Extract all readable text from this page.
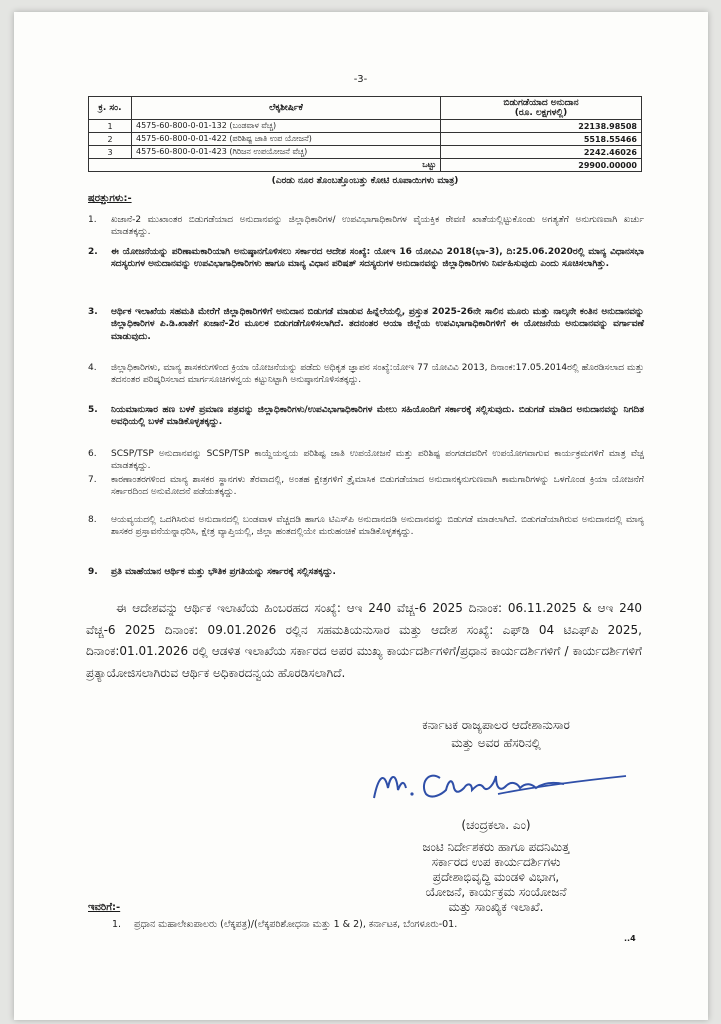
-3-
ಕ್ರ. ಸಂ.	ಲೆಕ್ಕಶೀರ್ಷಿಕೆ	ಬಿಡುಗಡೆಯಾದ ಅನುದಾನ
(ರೂ. ಲಕ್ಷಗಳಲ್ಲಿ)
1	4575-60-800-0-01-132 (ಬಂಡವಾಳ ವೆಚ್ಚ)	22138.98508
2	4575-60-800-0-01-422 (ಪರಿಶಿಷ್ಟ ಜಾತಿ ಉಪ ಯೋಜನೆ)	5518.55466
3	4575-60-800-0-01-423 (ಗಿರಿಜನ ಉಪಯೋಜನೆ ವೆಚ್ಚ)	2242.46026
ಒಟ್ಟು		29900.00000
(ಎರಡು ನೂರ ತೊಂಬತ್ತೊಂಬತ್ತು ಕೋಟಿ ರೂಪಾಯಿಗಳು ಮಾತ್ರ)
ಷರತ್ತುಗಳು:-
1. ಖಜಾನೆ-2 ಮುಖಾಂತರ ಬಿಡುಗಡೆಯಾದ ಅನುದಾನವನ್ನು ಜಿಲ್ಲಾಧಿಕಾರಿಗಳ/ ಉಪವಿಭಾಗಾಧಿಕಾರಿಗಳ ವೈಯಕ್ತಿಕ ಠೇವಣಿ ಖಾತೆಯಲ್ಲಿಟ್ಟುಕೊಂಡು ಅಗತ್ಯತೆಗೆ ಅನುಗುಣವಾಗಿ ಖರ್ಚು ಮಾಡತಕ್ಕದ್ದು.
2. ಈ ಯೋಜನೆಯನ್ನು ಪರಿಣಾಮಕಾರಿಯಾಗಿ ಅನುಷ್ಠಾನಗೊಳಿಸಲು ಸರ್ಕಾರದ ಆದೇಶ ಸಂಖ್ಯೆ: ಯೋಇ 16 ಯೋವಿವಿ 2018(ಭಾ-3), ದಿ:25.06.2020ರಲ್ಲಿ ಮಾನ್ಯ ವಿಧಾನಸಭಾ ಸದಸ್ಯರುಗಳ ಅನುದಾನವನ್ನು ಉಪವಿಭಾಗಾಧಿಕಾರಿಗಳು ಹಾಗೂ ಮಾನ್ಯ ವಿಧಾನ ಪರಿಷತ್ ಸದಸ್ಯರುಗಳ ಅನುದಾನವನ್ನು ಜಿಲ್ಲಾಧಿಕಾರಿಗಳು ನಿರ್ವಹಿಸುವುದು ಎಂದು ಸೂಚಿಸಲಾಗಿತ್ತು.
3. ಆರ್ಥಿಕ ಇಲಾಖೆಯ ಸಹಮತಿ ಮೇರೆಗೆ ಜಿಲ್ಲಾಧಿಕಾರಿಗಳಿಗೆ ಅನುದಾನ ಬಿಡುಗಡೆ ಮಾಡುವ ಹಿನ್ನೆಲೆಯಲ್ಲಿ, ಪ್ರಸ್ತುತ 2025-26ನೇ ಸಾಲಿನ ಮೂರು ಮತ್ತು ನಾಲ್ಕನೇ ಕಂತಿನ ಅನುದಾನವನ್ನು ಜಿಲ್ಲಾಧಿಕಾರಿಗಳ ಪಿ.ಡಿ.ಖಾತೆಗೆ ಖಜಾನೆ-2ರ ಮೂಲಕ ಬಿಡುಗಡೆಗೊಳಿಸಲಾಗಿದೆ. ತದನಂತರ ಆಯಾ ಜಿಲ್ಲೆಯ ಉಪವಿಭಾಗಾಧಿಕಾರಿಗಳಿಗೆ ಈ ಯೋಜನೆಯ ಅನುದಾನವನ್ನು ವರ್ಗಾವಣೆ ಮಾಡುವುದು.
4. ಜಿಲ್ಲಾಧಿಕಾರಿಗಳು, ಮಾನ್ಯ ಶಾಸಕರುಗಳಿಂದ ಕ್ರಿಯಾ ಯೋಜನೆಯನ್ನು ಪಡೆದು ಅಧಿಕೃತ ಜ್ಞಾಪನ ಸಂಖ್ಯೆ:ಯೋಇ 77 ಯೋವಿವಿ 2013, ದಿನಾಂಕ:17.05.2014ರಲ್ಲಿ ಹೊರಡಿಸಲಾದ ಮತ್ತು ತದನಂತರ ಪರಿಷ್ಕರಿಸಲಾದ ಮಾರ್ಗಸೂಚಿಗಳನ್ವಯ ಕಟ್ಟುನಿಟ್ಟಾಗಿ ಅನುಷ್ಠಾನಗೊಳಿಸತಕ್ಕದ್ದು.
5. ನಿಯಮಾನುಸಾರ ಹಣ ಬಳಕೆ ಪ್ರಮಾಣ ಪತ್ರವನ್ನು ಜಿಲ್ಲಾಧಿಕಾರಿಗಳು/ಉಪವಿಭಾಗಾಧಿಕಾರಿಗಳ ಮೇಲು ಸಹಿಯೊಂದಿಗೆ ಸರ್ಕಾರಕ್ಕೆ ಸಲ್ಲಿಸುವುದು. ಬಿಡುಗಡೆ ಮಾಡಿದ ಅನುದಾನವನ್ನು ನಿಗದಿತ ಅವಧಿಯಲ್ಲಿ ಬಳಕೆ ಮಾಡಿಕೊಳ್ಳತಕ್ಕದ್ದು.
6. SCSP/TSP ಅನುದಾನವನ್ನು SCSP/TSP ಕಾಯ್ದೆಯನ್ವಯ ಪರಿಶಿಷ್ಟ ಜಾತಿ ಉಪಯೋಜನೆ ಮತ್ತು ಪರಿಶಿಷ್ಟ ಪಂಗಡದವರಿಗೆ ಉಪಯೋಗವಾಗುವ ಕಾರ್ಯಕ್ರಮಗಳಿಗೆ ಮಾತ್ರ ವೆಚ್ಚ ಮಾಡತಕ್ಕದ್ದು.
7. ಕಾರಣಾಂತರಗಳಿಂದ ಮಾನ್ಯ ಶಾಸಕರ ಸ್ಥಾನಗಳು ತೆರವಾದಲ್ಲಿ, ಅಂತಹ ಕ್ಷೇತ್ರಗಳಿಗೆ ತ್ರೈಮಾಸಿಕ ಬಿಡುಗಡೆಯಾದ ಅನುದಾನಕ್ಕನುಗುಣವಾಗಿ ಕಾಮಗಾರಿಗಳನ್ನು ಒಳಗೊಂಡ ಕ್ರಿಯಾ ಯೋಜನೆಗೆ ಸರ್ಕಾರದಿಂದ ಅನುಮೋದನೆ ಪಡೆಯತಕ್ಕದ್ದು.
8. ಆಯವ್ಯಯದಲ್ಲಿ ಒದಗಿಸಿರುವ ಅನುದಾನದಲ್ಲಿ ಬಂಡವಾಳ ವೆಚ್ಚದಡಿ ಹಾಗೂ ಟಿಎಸ್‌ಪಿ ಅನುದಾನದಡಿ ಅನುದಾನವನ್ನು ಬಿಡುಗಡೆ ಮಾಡಲಾಗಿದೆ. ಬಿಡುಗಡೆಯಾಗಿರುವ ಅನುದಾನದಲ್ಲಿ ಮಾನ್ಯ ಶಾಸಕರ ಪ್ರಸ್ತಾವನೆಯನ್ನಾಧರಿಸಿ, ಕ್ಷೇತ್ರ ವ್ಯಾಪ್ತಿಯಲ್ಲಿ, ಜಿಲ್ಲಾ ಹಂತದಲ್ಲಿಯೇ ಮರುಹಂಚಿಕೆ ಮಾಡಿಕೊಳ್ಳತಕ್ಕದ್ದು.
9. ಪ್ರತಿ ಮಾಹೆಯಾನ ಆರ್ಥಿಕ ಮತ್ತು ಭೌತಿಕ ಪ್ರಗತಿಯನ್ನು ಸರ್ಕಾರಕ್ಕೆ ಸಲ್ಲಿಸತಕ್ಕದ್ದು.
ಈ ಆದೇಶವನ್ನು ಆರ್ಥಿಕ ಇಲಾಖೆಯ ಹಿಂಬರಹದ ಸಂಖ್ಯೆ: ಆಇ 240 ವೆಚ್ಚ-6 2025 ದಿನಾಂಕ: 06.11.2025 & ಆಇ 240 ವೆಚ್ಚ-6 2025 ದಿನಾಂಕ: 09.01.2026 ರಲ್ಲಿನ ಸಹಮತಿಯನುಸಾರ ಮತ್ತು ಆದೇಶ ಸಂಖ್ಯೆ: ಎಫ್‌ಡಿ 04 ಟಿಎಫ್‌ಪಿ 2025, ದಿನಾಂಕ:01.01.2026 ರಲ್ಲಿ ಆಡಳಿತ ಇಲಾಖೆಯ ಸರ್ಕಾರದ ಅಪರ ಮುಖ್ಯ ಕಾರ್ಯದರ್ಶಿಗಳಿಗೆ/ಪ್ರಧಾನ ಕಾರ್ಯದರ್ಶಿಗಳಿಗೆ / ಕಾರ್ಯದರ್ಶಿಗಳಿಗೆ ಪ್ರತ್ಯಾಯೋಜಿಸಲಾಗಿರುವ ಆರ್ಥಿಕ ಅಧಿಕಾರದನ್ವಯ ಹೊರಡಿಸಲಾಗಿದೆ.
ಕರ್ನಾಟಕ ರಾಜ್ಯಪಾಲರ ಆದೇಶಾನುಸಾರ
ಮತ್ತು ಅವರ ಹೆಸರಿನಲ್ಲಿ
(ಚಂದ್ರಕಲಾ. ಎಂ)
ಜಂಟಿ ನಿರ್ದೇಶಕರು ಹಾಗೂ ಪದನಿಮಿತ್ತ
ಸರ್ಕಾರದ ಉಪ ಕಾರ್ಯದರ್ಶಿಗಳು
ಪ್ರದೇಶಾಭಿವೃದ್ಧಿ ಮಂಡಳಿ ವಿಭಾಗ,
ಯೋಜನೆ, ಕಾರ್ಯಕ್ರಮ ಸಂಯೋಜನೆ
ಮತ್ತು ಸಾಂಖ್ಯಿಕ ಇಲಾಖೆ.
ಇವರಿಗೆ:-
1. ಪ್ರಧಾನ ಮಹಾಲೇಖಪಾಲರು (ಲೆಕ್ಕಪತ್ರ)/(ಲೆಕ್ಕಪರಿಶೋಧನಾ ಮತ್ತು 1 & 2), ಕರ್ನಾಟಕ, ಬೆಂಗಳೂರು-01.
..4
